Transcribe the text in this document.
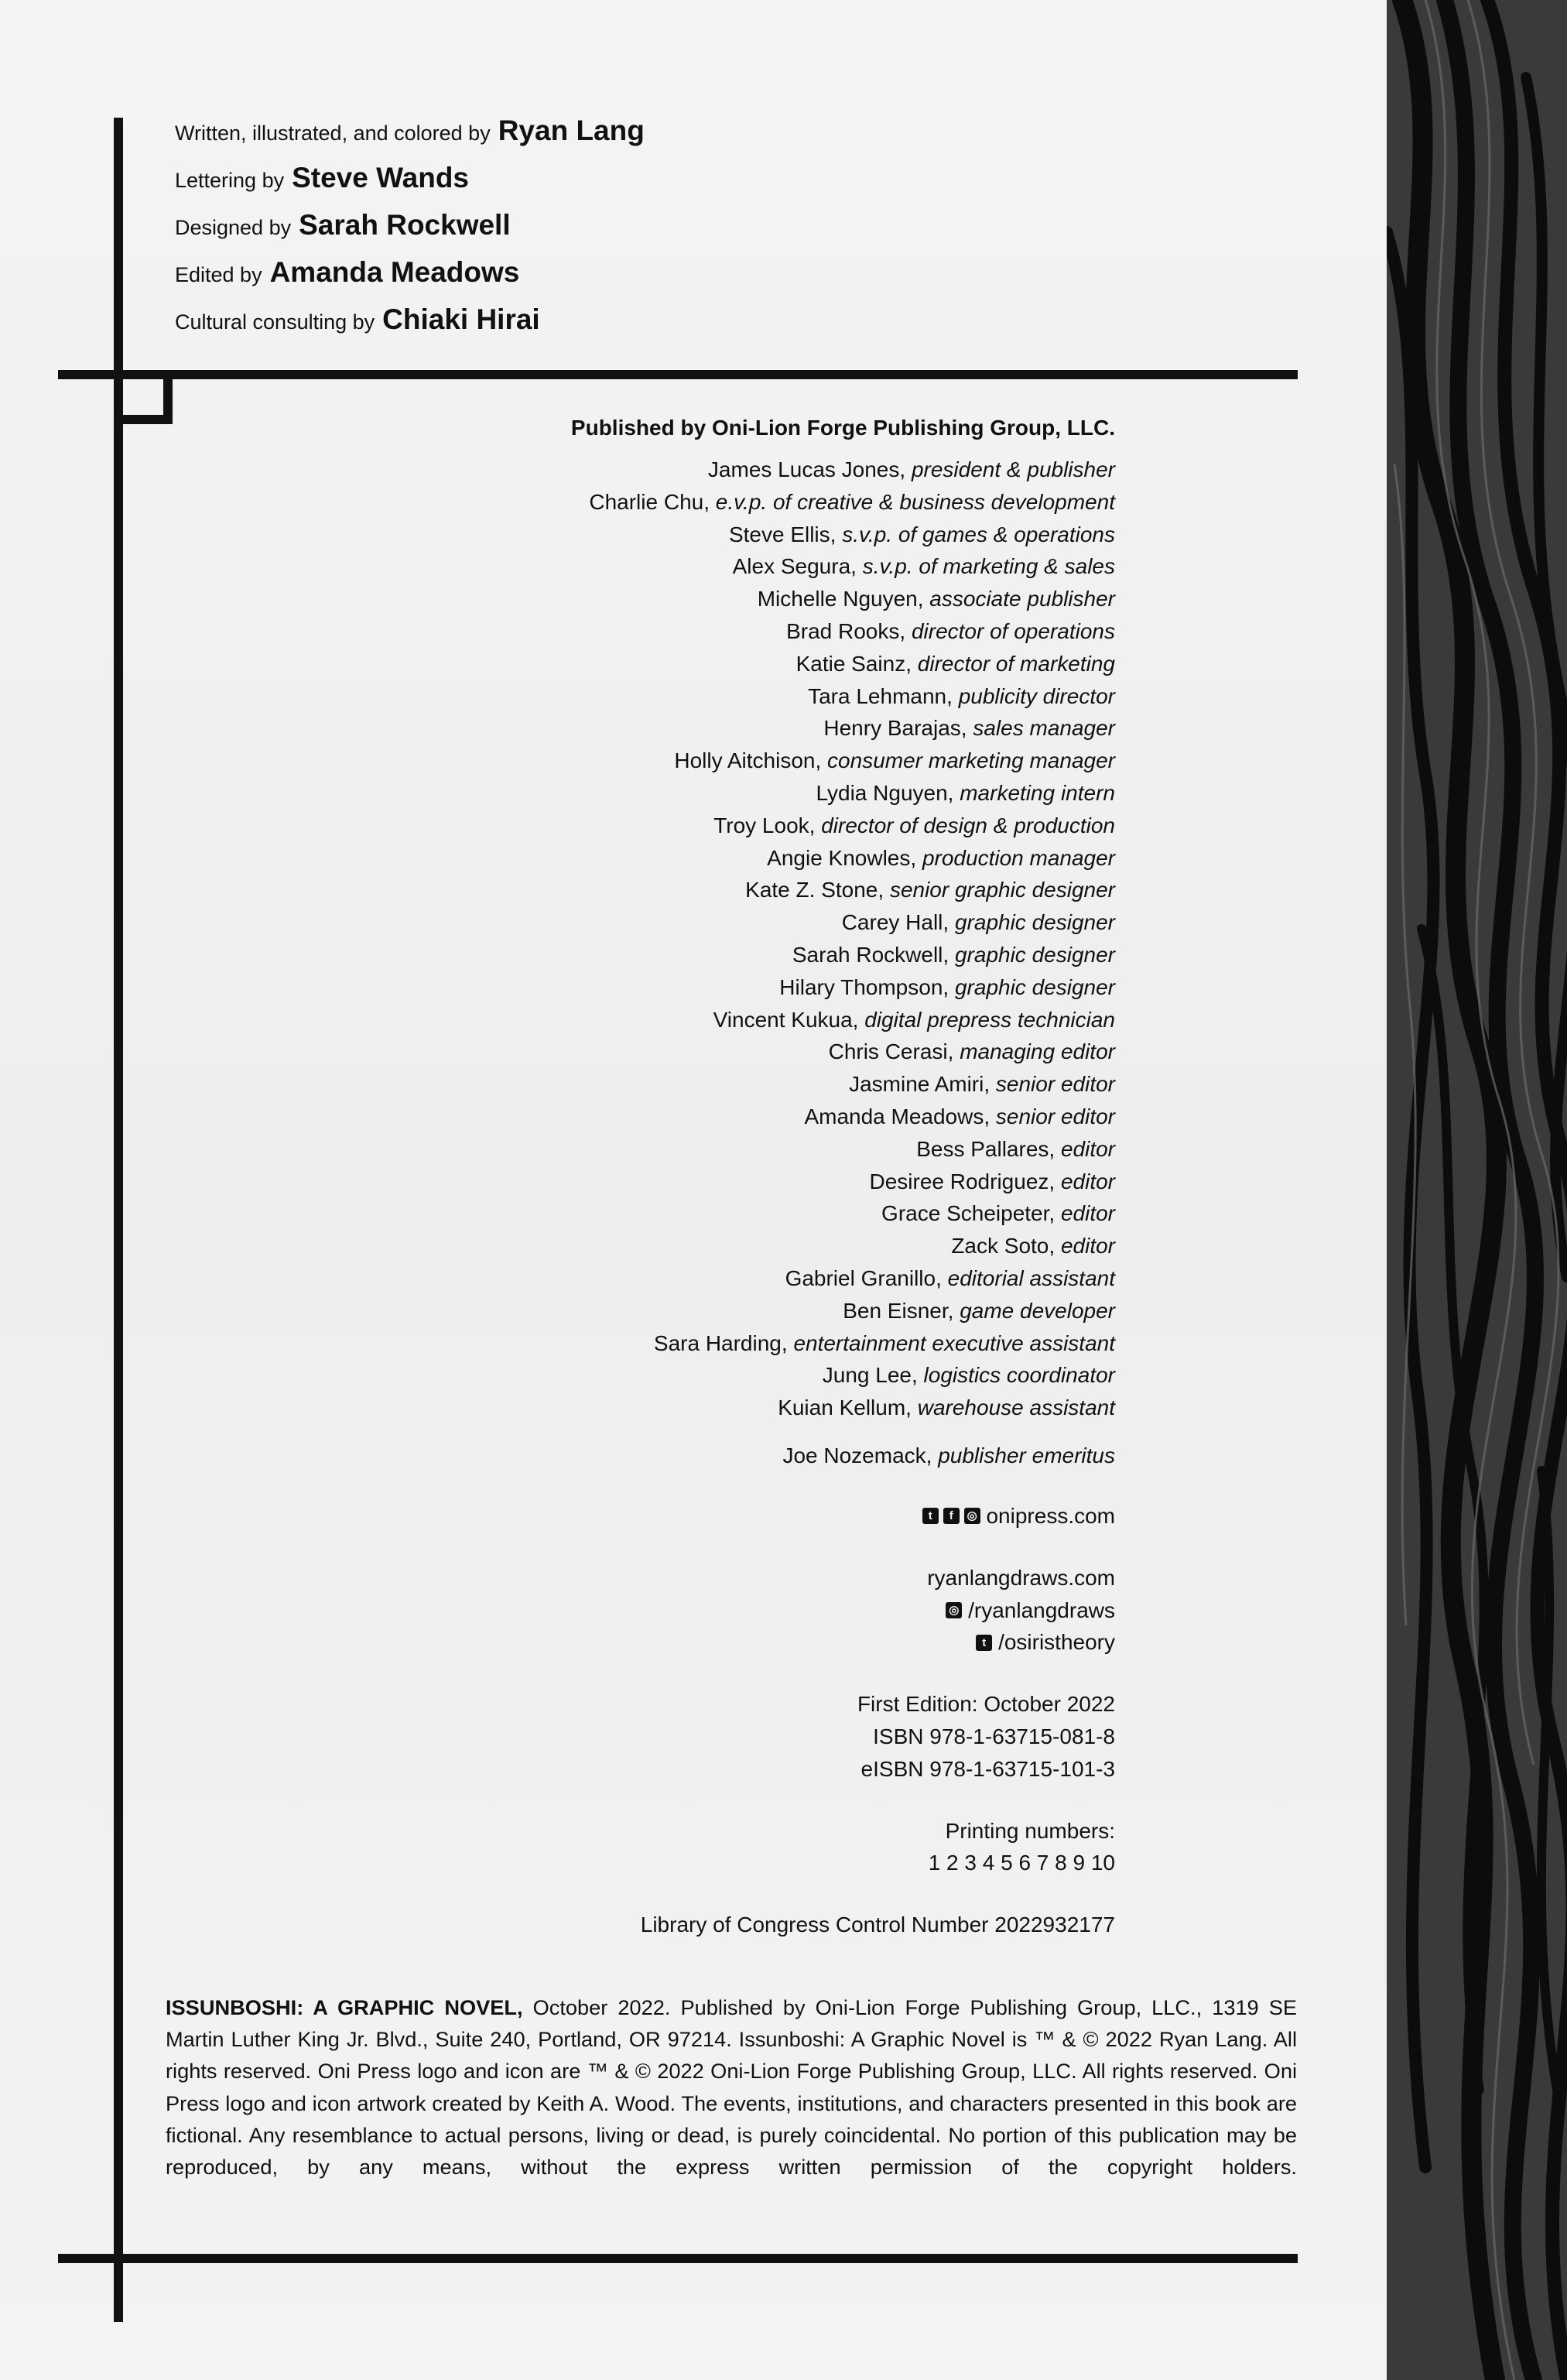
Written, illustrated, and colored by Ryan Lang
Lettering by Steve Wands
Designed by Sarah Rockwell
Edited by Amanda Meadows
Cultural consulting by Chiaki Hirai
Published by Oni-Lion Forge Publishing Group, LLC.
James Lucas Jones, president & publisher
Charlie Chu, e.v.p. of creative & business development
Steve Ellis, s.v.p. of games & operations
Alex Segura, s.v.p. of marketing & sales
Michelle Nguyen, associate publisher
Brad Rooks, director of operations
Katie Sainz, director of marketing
Tara Lehmann, publicity director
Henry Barajas, sales manager
Holly Aitchison, consumer marketing manager
Lydia Nguyen, marketing intern
Troy Look, director of design & production
Angie Knowles, production manager
Kate Z. Stone, senior graphic designer
Carey Hall, graphic designer
Sarah Rockwell, graphic designer
Hilary Thompson, graphic designer
Vincent Kukua, digital prepress technician
Chris Cerasi, managing editor
Jasmine Amiri, senior editor
Amanda Meadows, senior editor
Bess Pallares, editor
Desiree Rodriguez, editor
Grace Scheipeter, editor
Zack Soto, editor
Gabriel Granillo, editorial assistant
Ben Eisner, game developer
Sara Harding, entertainment executive assistant
Jung Lee, logistics coordinator
Kuian Kellum, warehouse assistant
Joe Nozemack, publisher emeritus
t f ◎ onipress.com
ryanlangdraws.com
◎ /ryanlangdraws
t /osiristheory
First Edition: October 2022
ISBN 978-1-63715-081-8
eISBN 978-1-63715-101-3
Printing numbers:
1 2 3 4 5 6 7 8 9 10
Library of Congress Control Number 2022932177
ISSUNBOSHI: A GRAPHIC NOVEL, October 2022. Published by Oni-Lion Forge Publishing Group, LLC., 1319 SE Martin Luther King Jr. Blvd., Suite 240, Portland, OR 97214. Issunboshi: A Graphic Novel is ™ & © 2022 Ryan Lang. All rights reserved. Oni Press logo and icon are ™ & © 2022 Oni-Lion Forge Publishing Group, LLC. All rights reserved. Oni Press logo and icon artwork created by Keith A. Wood. The events, institutions, and characters presented in this book are fictional. Any resemblance to actual persons, living or dead, is purely coincidental. No portion of this publication may be reproduced, by any means, without the express written permission of the copyright holders.
